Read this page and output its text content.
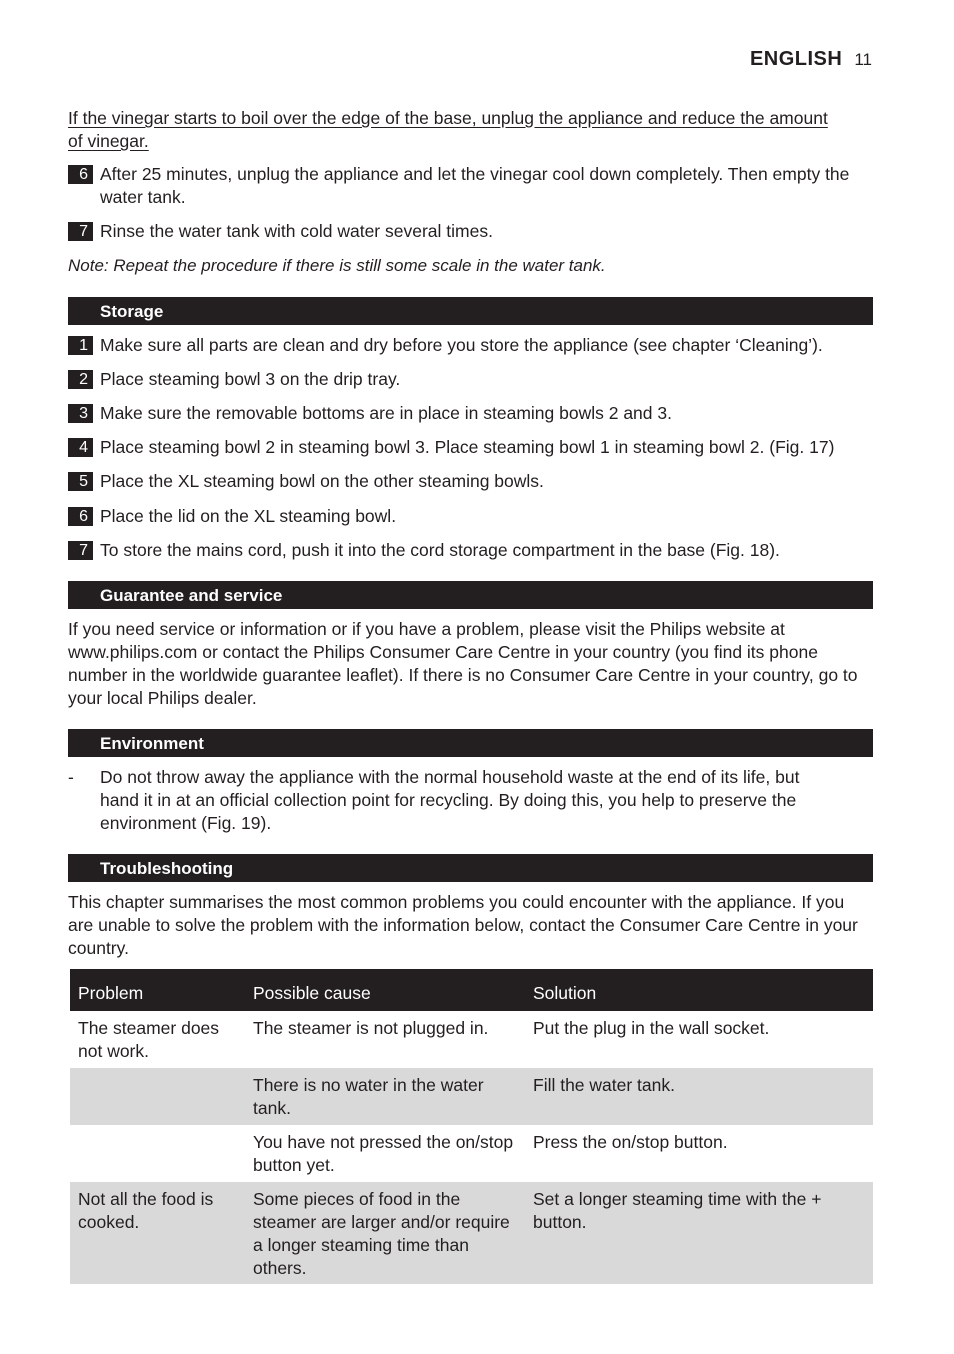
ENGLISH 11
If the vinegar starts to boil over the edge of the base, unplug the appliance and reduce the amount of vinegar.
6 After 25 minutes, unplug the appliance and let the vinegar cool down completely. Then empty the water tank.
7 Rinse the water tank with cold water several times.
Note: Repeat the procedure if there is still some scale in the water tank.
Storage
1 Make sure all parts are clean and dry before you store the appliance (see chapter ‘Cleaning’).
2 Place steaming bowl 3 on the drip tray.
3 Make sure the removable bottoms are in place in steaming bowls 2 and 3.
4 Place steaming bowl 2 in steaming bowl 3. Place steaming bowl 1 in steaming bowl 2. (Fig. 17)
5 Place the XL steaming bowl on the other steaming bowls.
6 Place the lid on the XL steaming bowl.
7 To store the mains cord, push it into the cord storage compartment in the base (Fig. 18).
Guarantee and service
If you need service or information or if you have a problem, please visit the Philips website at www.philips.com or contact the Philips Consumer Care Centre in your country (you find its phone number in the worldwide guarantee leaflet). If there is no Consumer Care Centre in your country, go to your local Philips dealer.
Environment
-	Do not throw away the appliance with the normal household waste at the end of its life, but hand it in at an official collection point for recycling. By doing this, you help to preserve the environment (Fig. 19).
Troubleshooting
This chapter summarises the most common problems you could encounter with the appliance. If you are unable to solve the problem with the information below, contact the Consumer Care Centre in your country.
Problem	Possible cause	Solution
The steamer does not work.	The steamer is not plugged in.	Put the plug in the wall socket.
	There is no water in the water tank.	Fill the water tank.
	You have not pressed the on/stop button yet.	Press the on/stop button.
Not all the food is cooked.	Some pieces of food in the steamer are larger and/or require a longer steaming time than others.	Set a longer steaming time with the + button.
